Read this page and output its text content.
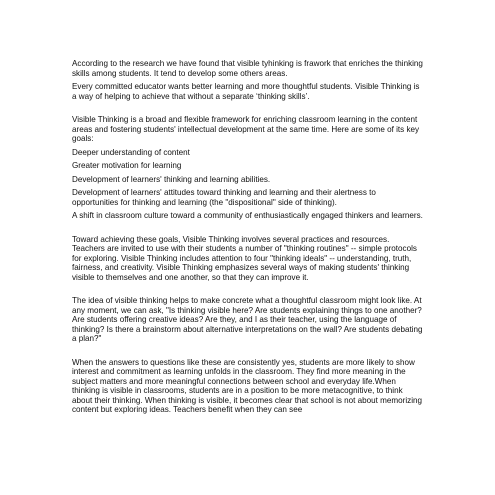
According to the research we have found that visible tyhinking is frawork that enriches the thinking skills among students. It tend to develop some others areas.

Every committed educator wants better learning and more thoughtful students. Visible Thinking is a way of helping to achieve that without a separate ‘thinking skills’.

Visible Thinking is a broad and flexible framework for enriching classroom learning in the content areas and fostering students' intellectual development at the same time. Here are some of its key goals:

Deeper understanding of content

Greater motivation for learning

Development of learners' thinking and learning abilities.

Development of learners' attitudes toward thinking and learning and their alertness to opportunities for thinking and learning (the "dispositional" side of thinking).

A shift in classroom culture toward a community of enthusiastically engaged thinkers and learners.

Toward achieving these goals, Visible Thinking involves several practices and resources. Teachers are invited to use with their students a number of "thinking routines" -- simple protocols for exploring. Visible Thinking includes attention to four "thinking ideals" -- understanding, truth, fairness, and creativity. Visible Thinking emphasizes several ways of making students' thinking visible to themselves and one another, so that they can improve it.

The idea of visible thinking helps to make concrete what a thoughtful classroom might look like. At any moment, we can ask, "Is thinking visible here? Are students explaining things to one another? Are students offering creative ideas? Are they, and I as their teacher, using the language of thinking? Is there a brainstorm about alternative interpretations on the wall? Are students debating a plan?"

When the answers to questions like these are consistently yes, students are more likely to show interest and commitment as learning unfolds in the classroom. They find more meaning in the subject matters and more meaningful connections between school and everyday life.When thinking is visible in classrooms, students are in a position to be more metacognitive, to think about their thinking. When thinking is visible, it becomes clear that school is not about memorizing content but exploring ideas. Teachers benefit when they can see
